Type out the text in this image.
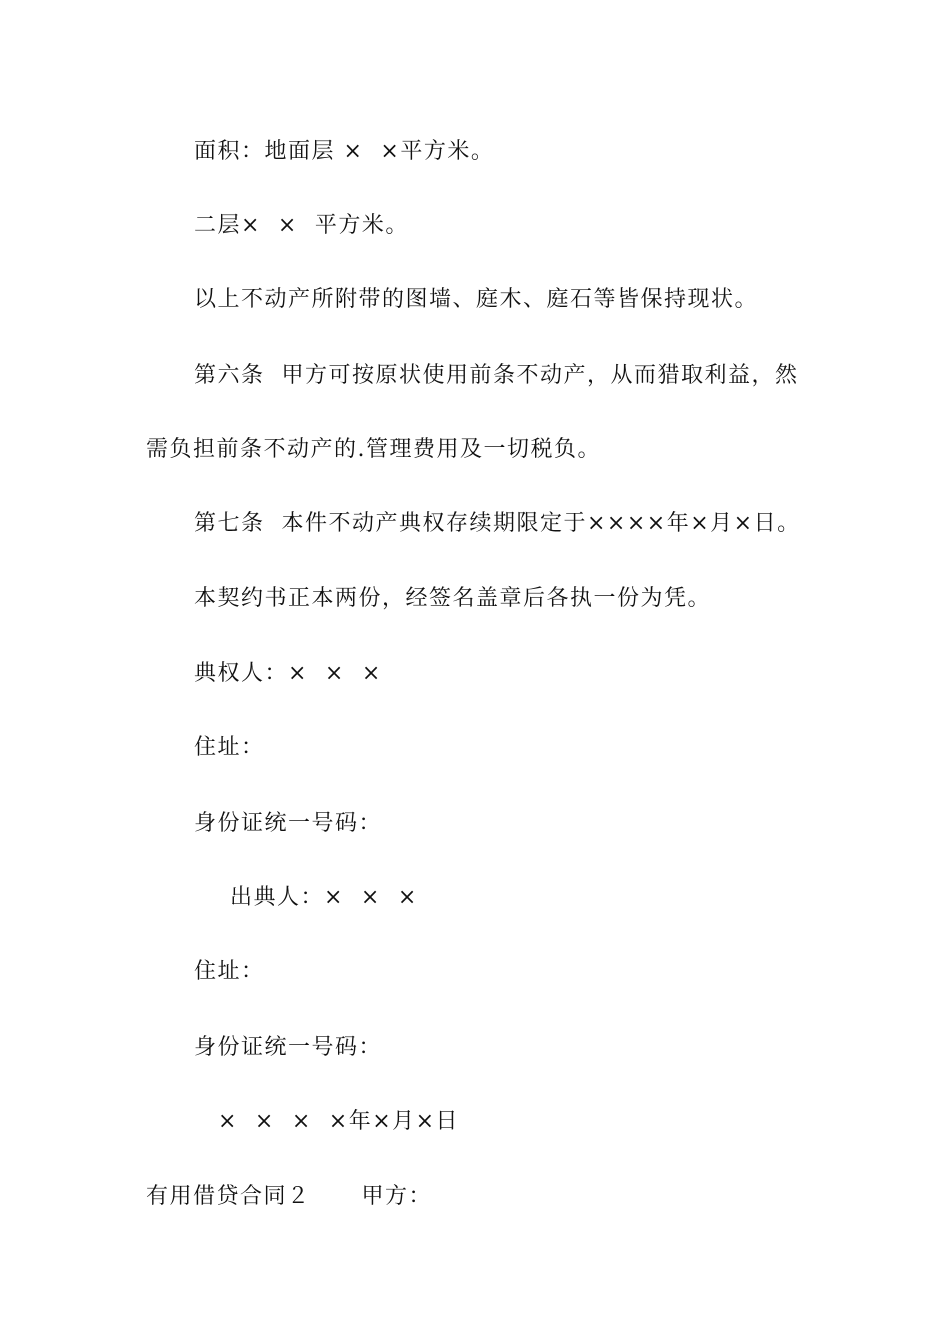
面积：地面层 ×  ×平方米。
二层×  ×  平方米。
以上不动产所附带的图墙、庭木、庭石等皆保持现状。
第六条  甲方可按原状使用前条不动产，从而猎取利益，然
需负担前条不动产的.管理费用及一切税负。
第七条  本件不动产典权存续期限定于××××年×月×日。
本契约书正本两份，经签名盖章后各执一份为凭。
典权人：×  ×  ×
住址：
身份证统一号码：
出典人：×  ×  ×
住址：
身份证统一号码：
×  ×  ×  ×年×月×日
有用借贷合同２      甲方：
